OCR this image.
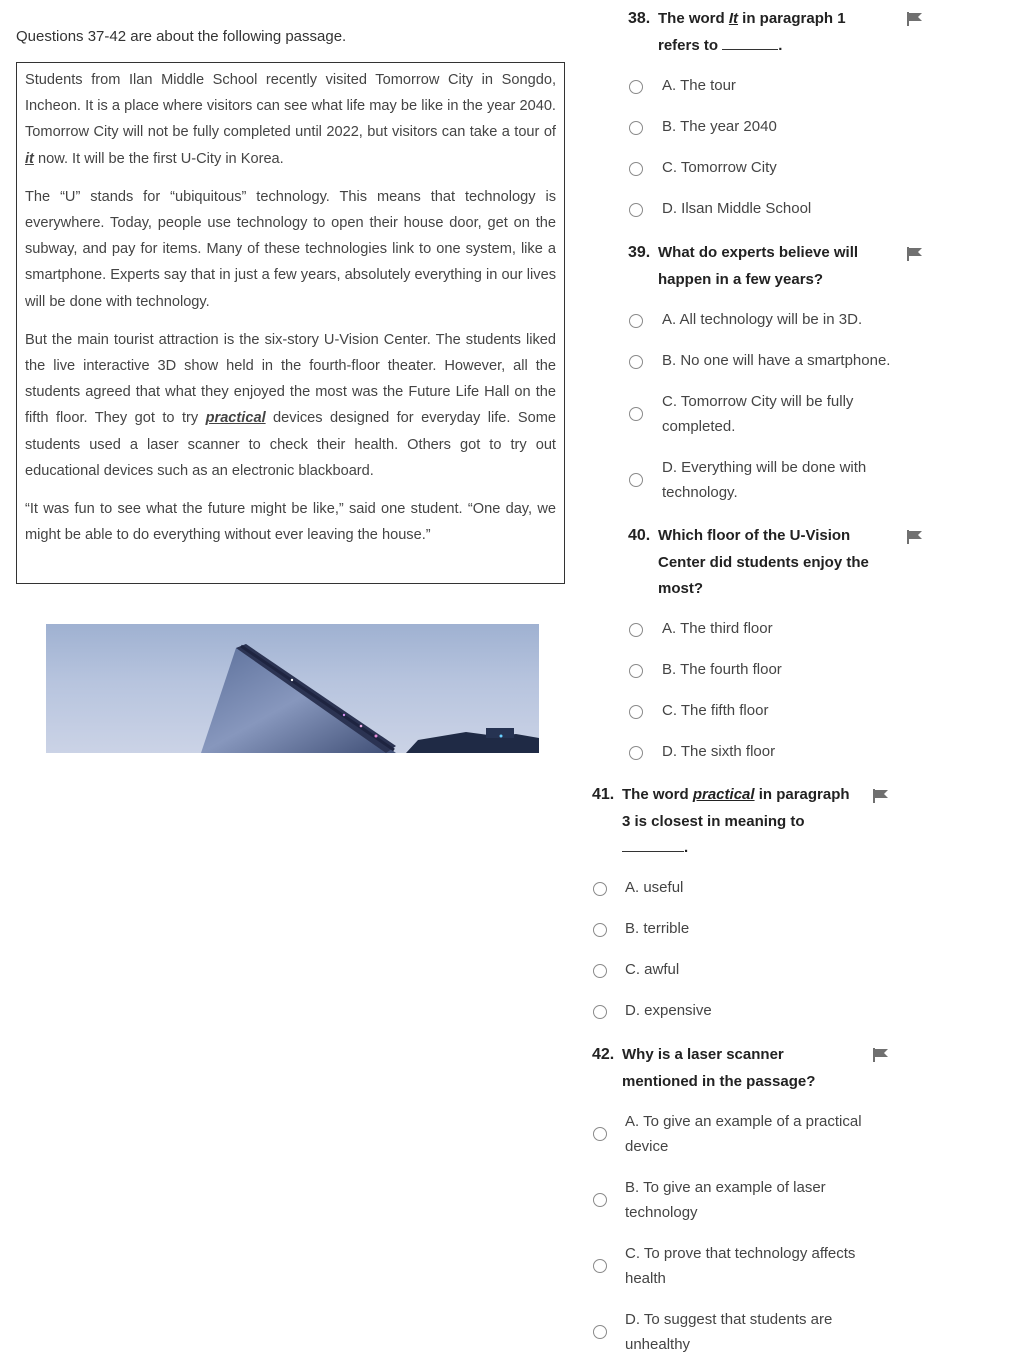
Questions 37-42 are about the following passage.

Students from Ilan Middle School recently visited Tomorrow City in Songdo, Incheon. It is a place where visitors can see what life may be like in the year 2040. Tomorrow City will not be fully completed until 2022, but visitors can take a tour of it now. It will be the first U-City in Korea.

The “U” stands for “ubiquitous” technology. This means that technology is everywhere. Today, people use technology to open their house door, get on the subway, and pay for items. Many of these technologies link to one system, like a smartphone. Experts say that in just a few years, absolutely everything in our lives will be done with technology.

But the main tourist attraction is the six-story U-Vision Center. The students liked the live interactive 3D show held in the fourth-floor theater. However, all the students agreed that what they enjoyed the most was the Future Life Hall on the fifth floor. They got to try practical devices designed for everyday life. Some students used a laser scanner to check their health. Others got to try out educational devices such as an electronic blackboard.

“It was fun to see what the future might be like,” said one student. “One day, we might be able to do everything without ever leaving the house.”

38. The word It in paragraph 1
refers to	.
A. The tour
B. The year 2040
C. Tomorrow City
D. Ilsan Middle School
39. What do experts believe will
happen in a few years?
A. All technology will be in 3D.
B. No one will have a smartphone.
C. Tomorrow City will be fully
completed.
D. Everything will be done with
technology.
40. Which floor of the U-Vision
Center did students enjoy the
most?
A. The third floor
B. The fourth floor
C. The fifth floor
D. The sixth floor
41. The word practical in paragraph
3 is closest in meaning to
.
A. useful
B. terrible
C. awful
D. expensive
42. Why is a laser scanner
mentioned in the passage?
A. To give an example of a practical
device
B. To give an example of laser
technology
C. To prove that technology affects
health
D. To suggest that students are
unhealthy
